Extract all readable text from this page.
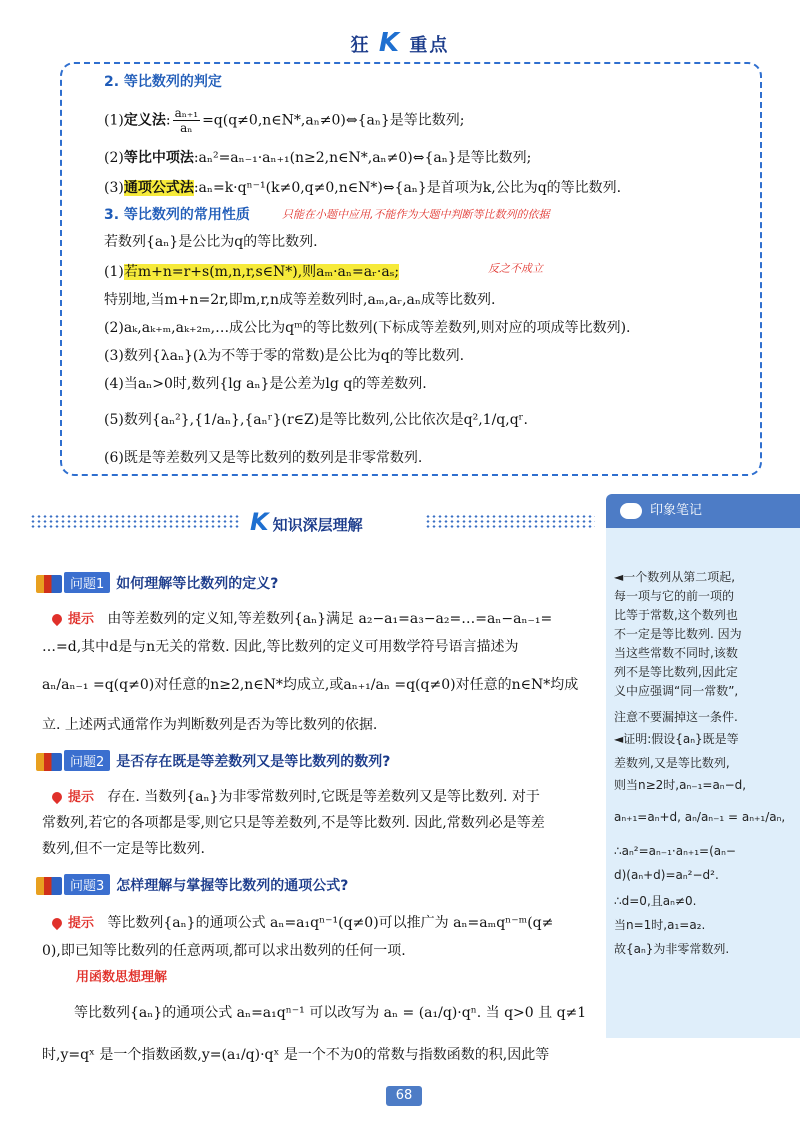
狂 K 重点
2. 等比数列的判定
(1)定义法: $\frac{\text{aₙ₊₁}}{\text{aₙ}}$ =q(q≠0,n∈N*,aₙ≠0)⇔{aₙ}是等比数列;
(2)等比中项法:aₙ²=aₙ₋₁·aₙ₊₁(n≥2,n∈N*,aₙ≠0)⇔{aₙ}是等比数列;
(3)通项公式法:aₙ=k·qⁿ⁻¹(k≠0,q≠0,n∈N*)⇔{aₙ}是首项为k,公比为q的等比数列.
3. 等比数列的常用性质	只能在小题中应用,不能作为大题中判断等比数列的依据
若数列{aₙ}是公比为q的等比数列.
(1)若m+n=r+s(m,n,r,s∈N*),则aₘ·aₙ=aᵣ·aₛ;	反之不成立
特别地,当m+n=2r,即m,r,n成等差数列时,aₘ,aᵣ,aₙ成等比数列.
(2)aₖ,aₖ₊ₘ,aₖ₊₂ₘ,…成公比为qᵐ的等比数列(下标成等差数列,则对应的项成等比数列).
(3)数列{λaₙ}(λ为不等于零的常数)是公比为q的等比数列.
(4)当aₙ>0时,数列{lg aₙ}是公差为lg q的等差数列.
(5)数列{aₙ²},{1/aₙ},{aₙʳ}(r∈Z)是等比数列,公比依次是q²,1/q,qʳ.
(6)既是等差数列又是等比数列的数列是非零常数列.
K知识深层理解
印象笔记
◄一个数列从第二项起,
每一项与它的前一项的
比等于常数,这个数列也
不一定是等比数列. 因为
当这些常数不同时,该数
列不是等比数列,因此定
义中应强调“同一常数”,
注意不要漏掉这一条件.
◄证明:假设{aₙ}既是等
差数列,又是等比数列,
则当n≥2时,aₙ₋₁=aₙ−d,
aₙ₊₁=aₙ+d, aₙ/aₙ₋₁ = aₙ₊₁/aₙ,
∴aₙ²=aₙ₋₁·aₙ₊₁=(aₙ−
d)(aₙ+d)=aₙ²−d².
∴d=0,且aₙ≠0.
当n=1时,a₁=a₂.
故{aₙ}为非零常数列.
问题1 如何理解等比数列的定义?
提示 由等差数列的定义知,等差数列{aₙ}满足 a₂−a₁=a₃−a₂=…=aₙ−aₙ₋₁=
…=d,其中d是与n无关的常数. 因此,等比数列的定义可用数学符号语言描述为
aₙ/aₙ₋₁ =q(q≠0)对任意的n≥2,n∈N*均成立,或aₙ₊₁/aₙ =q(q≠0)对任意的n∈N*均成
立. 上述两式通常作为判断数列是否为等比数列的依据.
问题2 是否存在既是等差数列又是等比数列的数列?
提示 存在. 当数列{aₙ}为非零常数列时,它既是等差数列又是等比数列. 对于
常数列,若它的各项都是零,则它只是等差数列,不是等比数列. 因此,常数列必是等差
数列,但不一定是等比数列.
问题3 怎样理解与掌握等比数列的通项公式?
提示 等比数列{aₙ}的通项公式 aₙ=a₁qⁿ⁻¹(q≠0)可以推广为 aₙ=aₘqⁿ⁻ᵐ(q≠
0),即已知等比数列的任意两项,都可以求出数列的任何一项.
用函数思想理解
等比数列{aₙ}的通项公式 aₙ=a₁qⁿ⁻¹ 可以改写为 aₙ = (a₁/q)·qⁿ. 当 q>0 且 q≠1
时,y=qˣ 是一个指数函数,y=(a₁/q)·qˣ 是一个不为0的常数与指数函数的积,因此等
68
